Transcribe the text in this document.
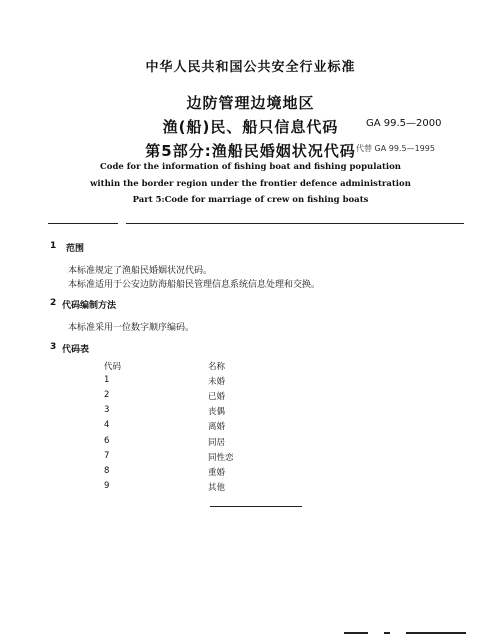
中华人民共和国公共安全行业标准
边防管理边境地区
渔(船)民、船只信息代码
第5部分:渔船民婚姻状况代码
GA 99.5—2000
代替 GA 99.5—1995
Code for the information of fishing boat and fishing population
within the border region under the frontier defence administration
Part 5:Code for marriage of crew on fishing boats
1 范围
本标准规定了渔船民婚姻状况代码。
本标准适用于公安边防海船船民管理信息系统信息处理和交换。
2 代码编制方法
本标准采用一位数字顺序编码。
3 代码表
代码	名称
1	未婚
2	已婚
3	丧偶
4	离婚
6	同居
7	同性恋
8	重婚
9	其他
